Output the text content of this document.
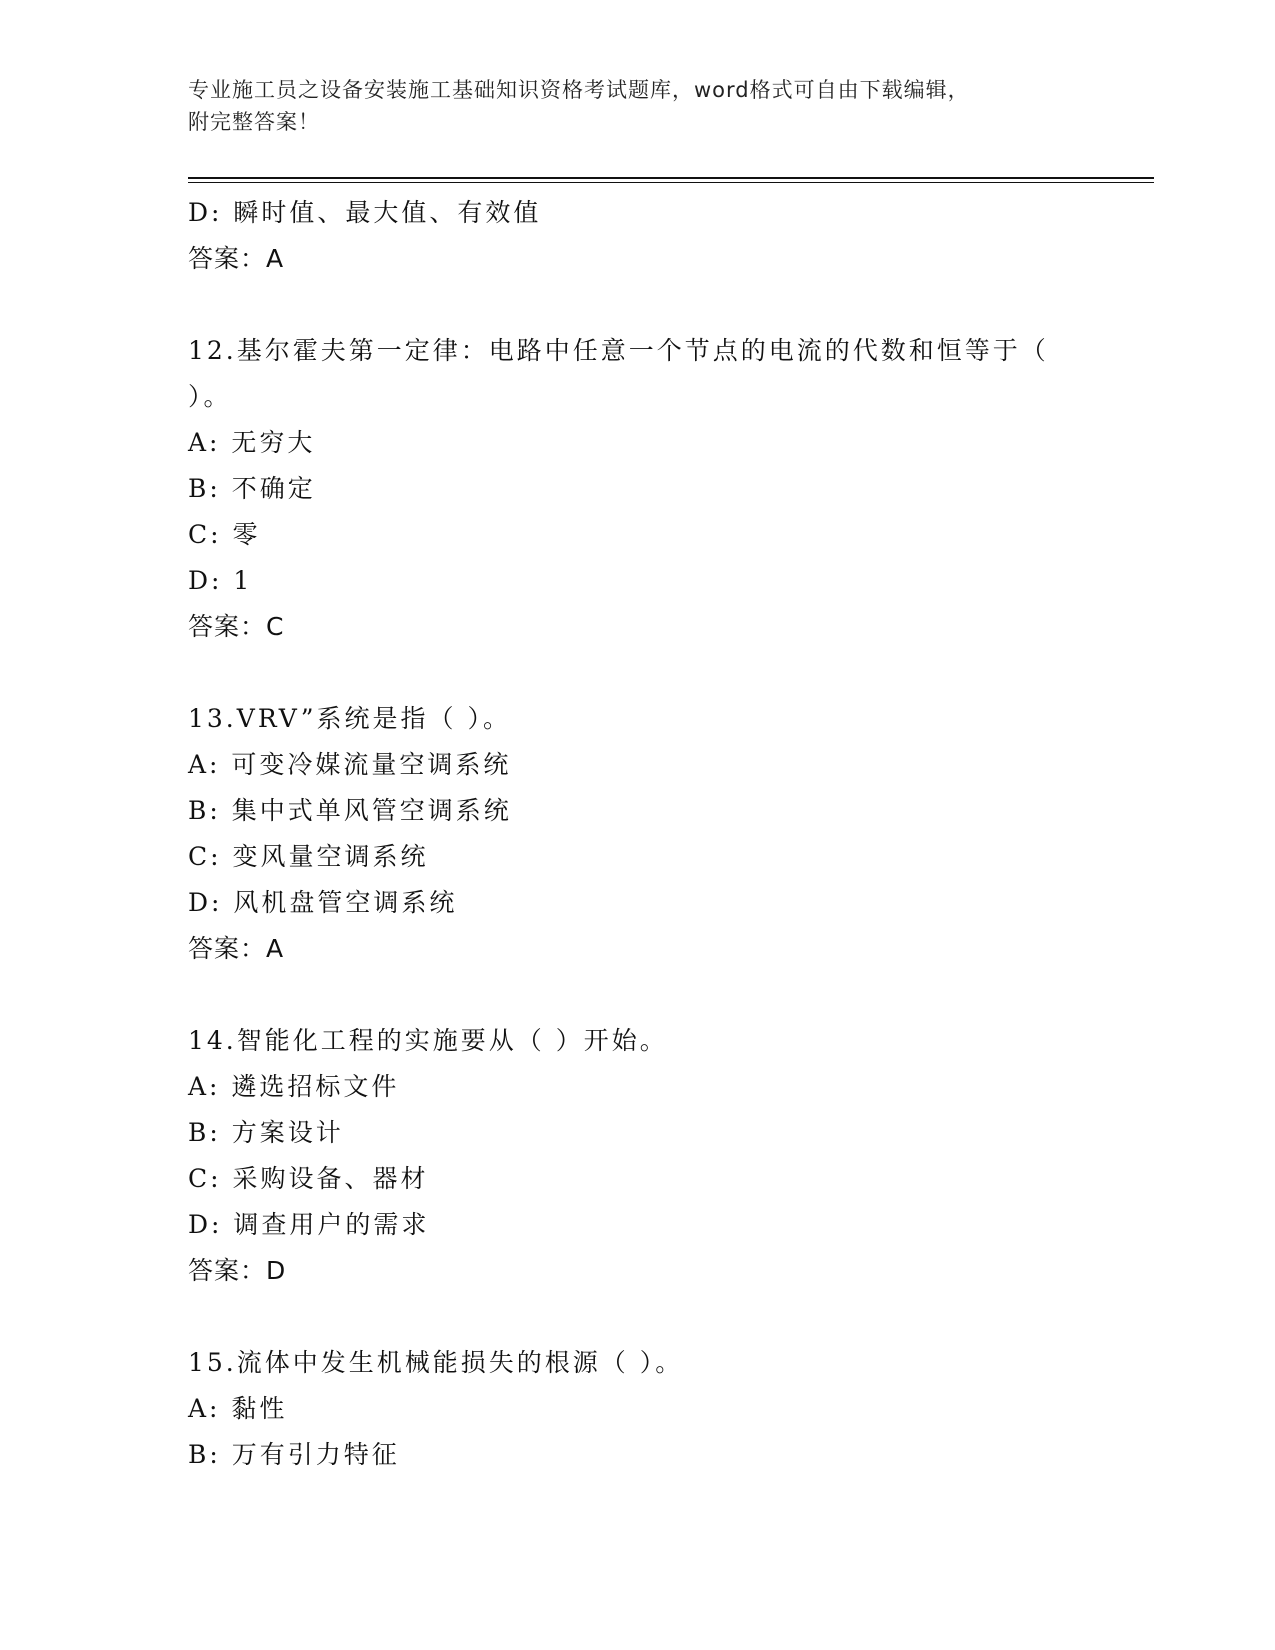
专业施工员之设备安装施工基础知识资格考试题库，word格式可自由下载编辑，
附完整答案！
D: 瞬时值、最大值、有效值
答案：A
12.基尔霍夫第一定律：电路中任意一个节点的电流的代数和恒等于（
）。
A: 无穷大
B: 不确定
C: 零
D: 1
答案：C
13.VRV”系统是指（ ）。
A: 可变冷媒流量空调系统
B: 集中式单风管空调系统
C: 变风量空调系统
D: 风机盘管空调系统
答案：A
14.智能化工程的实施要从（ ）开始。
A: 遴选招标文件
B: 方案设计
C: 采购设备、器材
D: 调查用户的需求
答案：D
15.流体中发生机械能损失的根源（ ）。
A: 黏性
B: 万有引力特征
